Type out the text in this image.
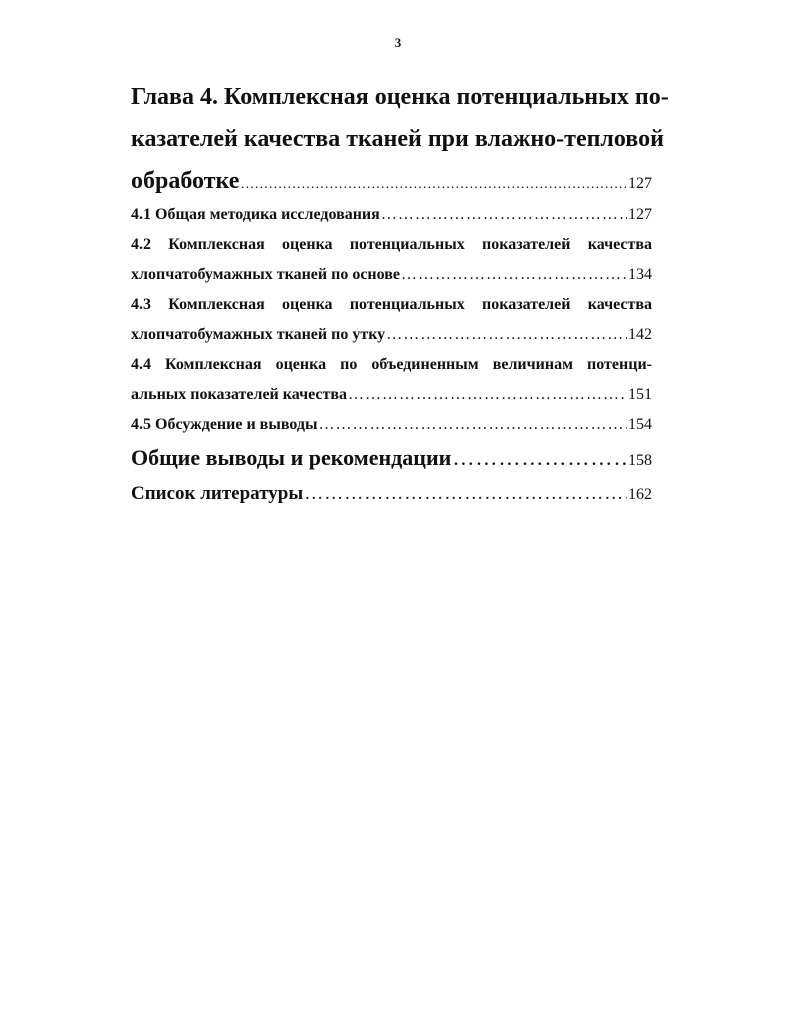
3
Глава 4. Комплексная оценка потенциальных по-
казателей качества тканей при влажно-тепловой
обработке ……………………………………………………………………………………………………………………………………………………………………	127
4.1 Общая методика исследования ……………………………………………………………………………………………………………………………………………………………………	127
4.2 Комплексная оценка потенциальных показателей качества
хлопчатобумажных тканей по основе ……………………………………………………………………………………………………………………………………………………………………	134
4.3 Комплексная оценка потенциальных показателей качества
хлопчатобумажных тканей по утку ……………………………………………………………………………………………………………………………………………………………………	142
4.4 Комплексная оценка по объединенным величинам потенци-
альных показателей качества ……………………………………………………………………………………………………………………………………………………………………	151
4.5 Обсуждение и выводы ……………………………………………………………………………………………………………………………………………………………………	154
Общие выводы и рекомендации ……………………………………………………………………………………………………………………………………………………………………	158
Список литературы ……………………………………………………………………………………………………………………………………………………………………	162
